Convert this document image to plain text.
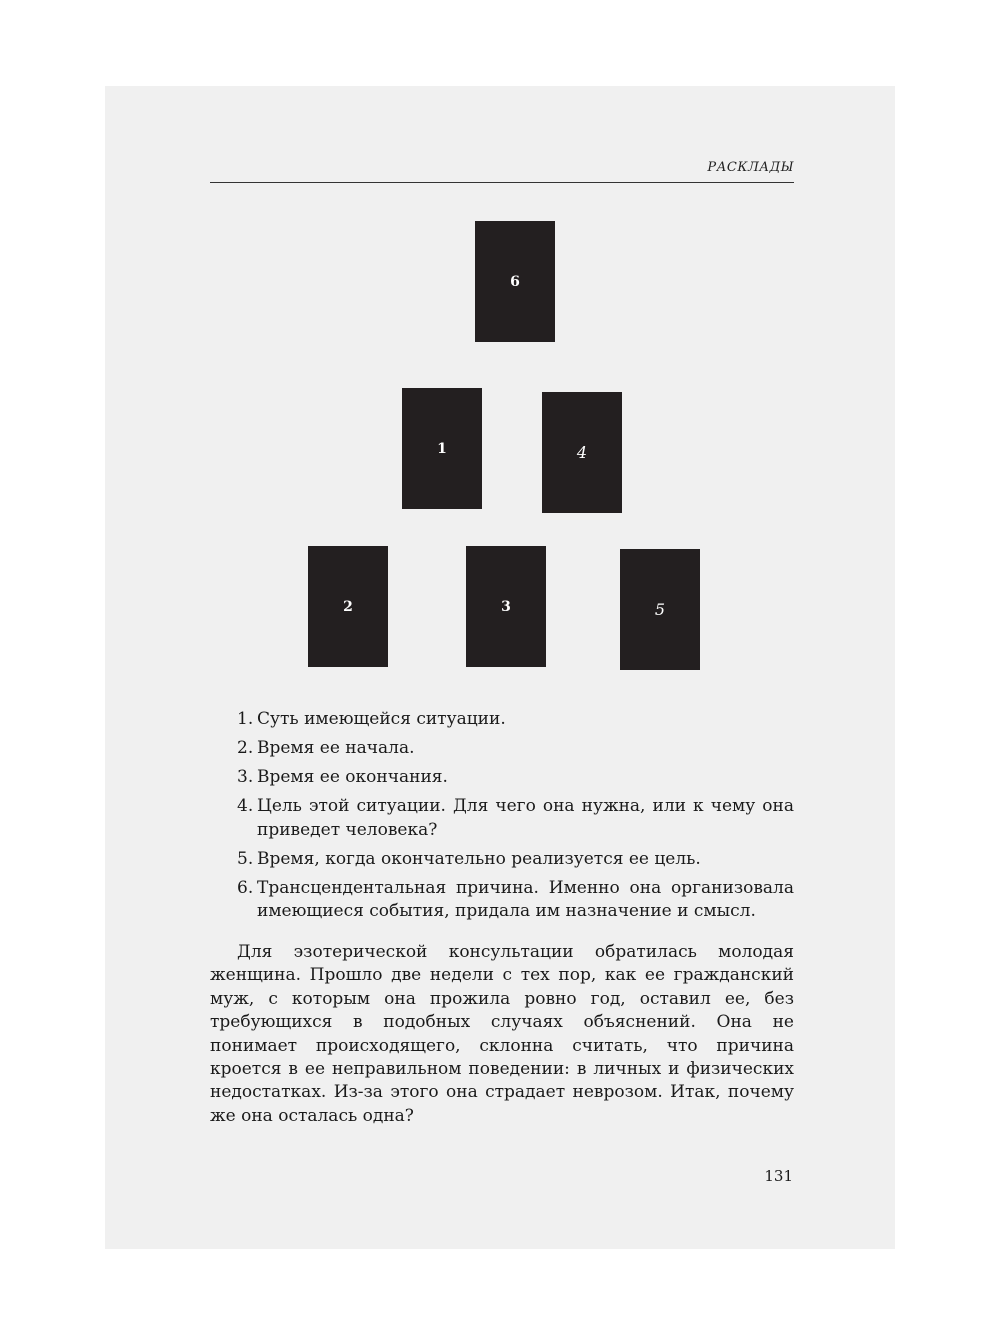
РАСКЛАДЫ
6
1	4
2	3	5
1. Суть имеющейся ситуации.
2. Время ее начала.
3. Время ее окончания.
4. Цель этой ситуации. Для чего она нужна, или к чему она приведет человека?
5. Время, когда окончательно реализуется ее цель.
6. Трансцендентальная причина. Именно она организовала имеющиеся события, придала им назначение и смысл.

Для эзотерической консультации обратилась молодая женщина. Прошло две недели с тех пор, как ее гражданский муж, с которым она прожила ровно год, оставил ее, без требующихся в подобных случаях объяснений. Она не понимает происходящего, склонна считать, что причина кроется в ее неправильном поведении: в личных и физических недостатках. Из-за этого она страдает неврозом. Итак, почему же она осталась одна?

131
